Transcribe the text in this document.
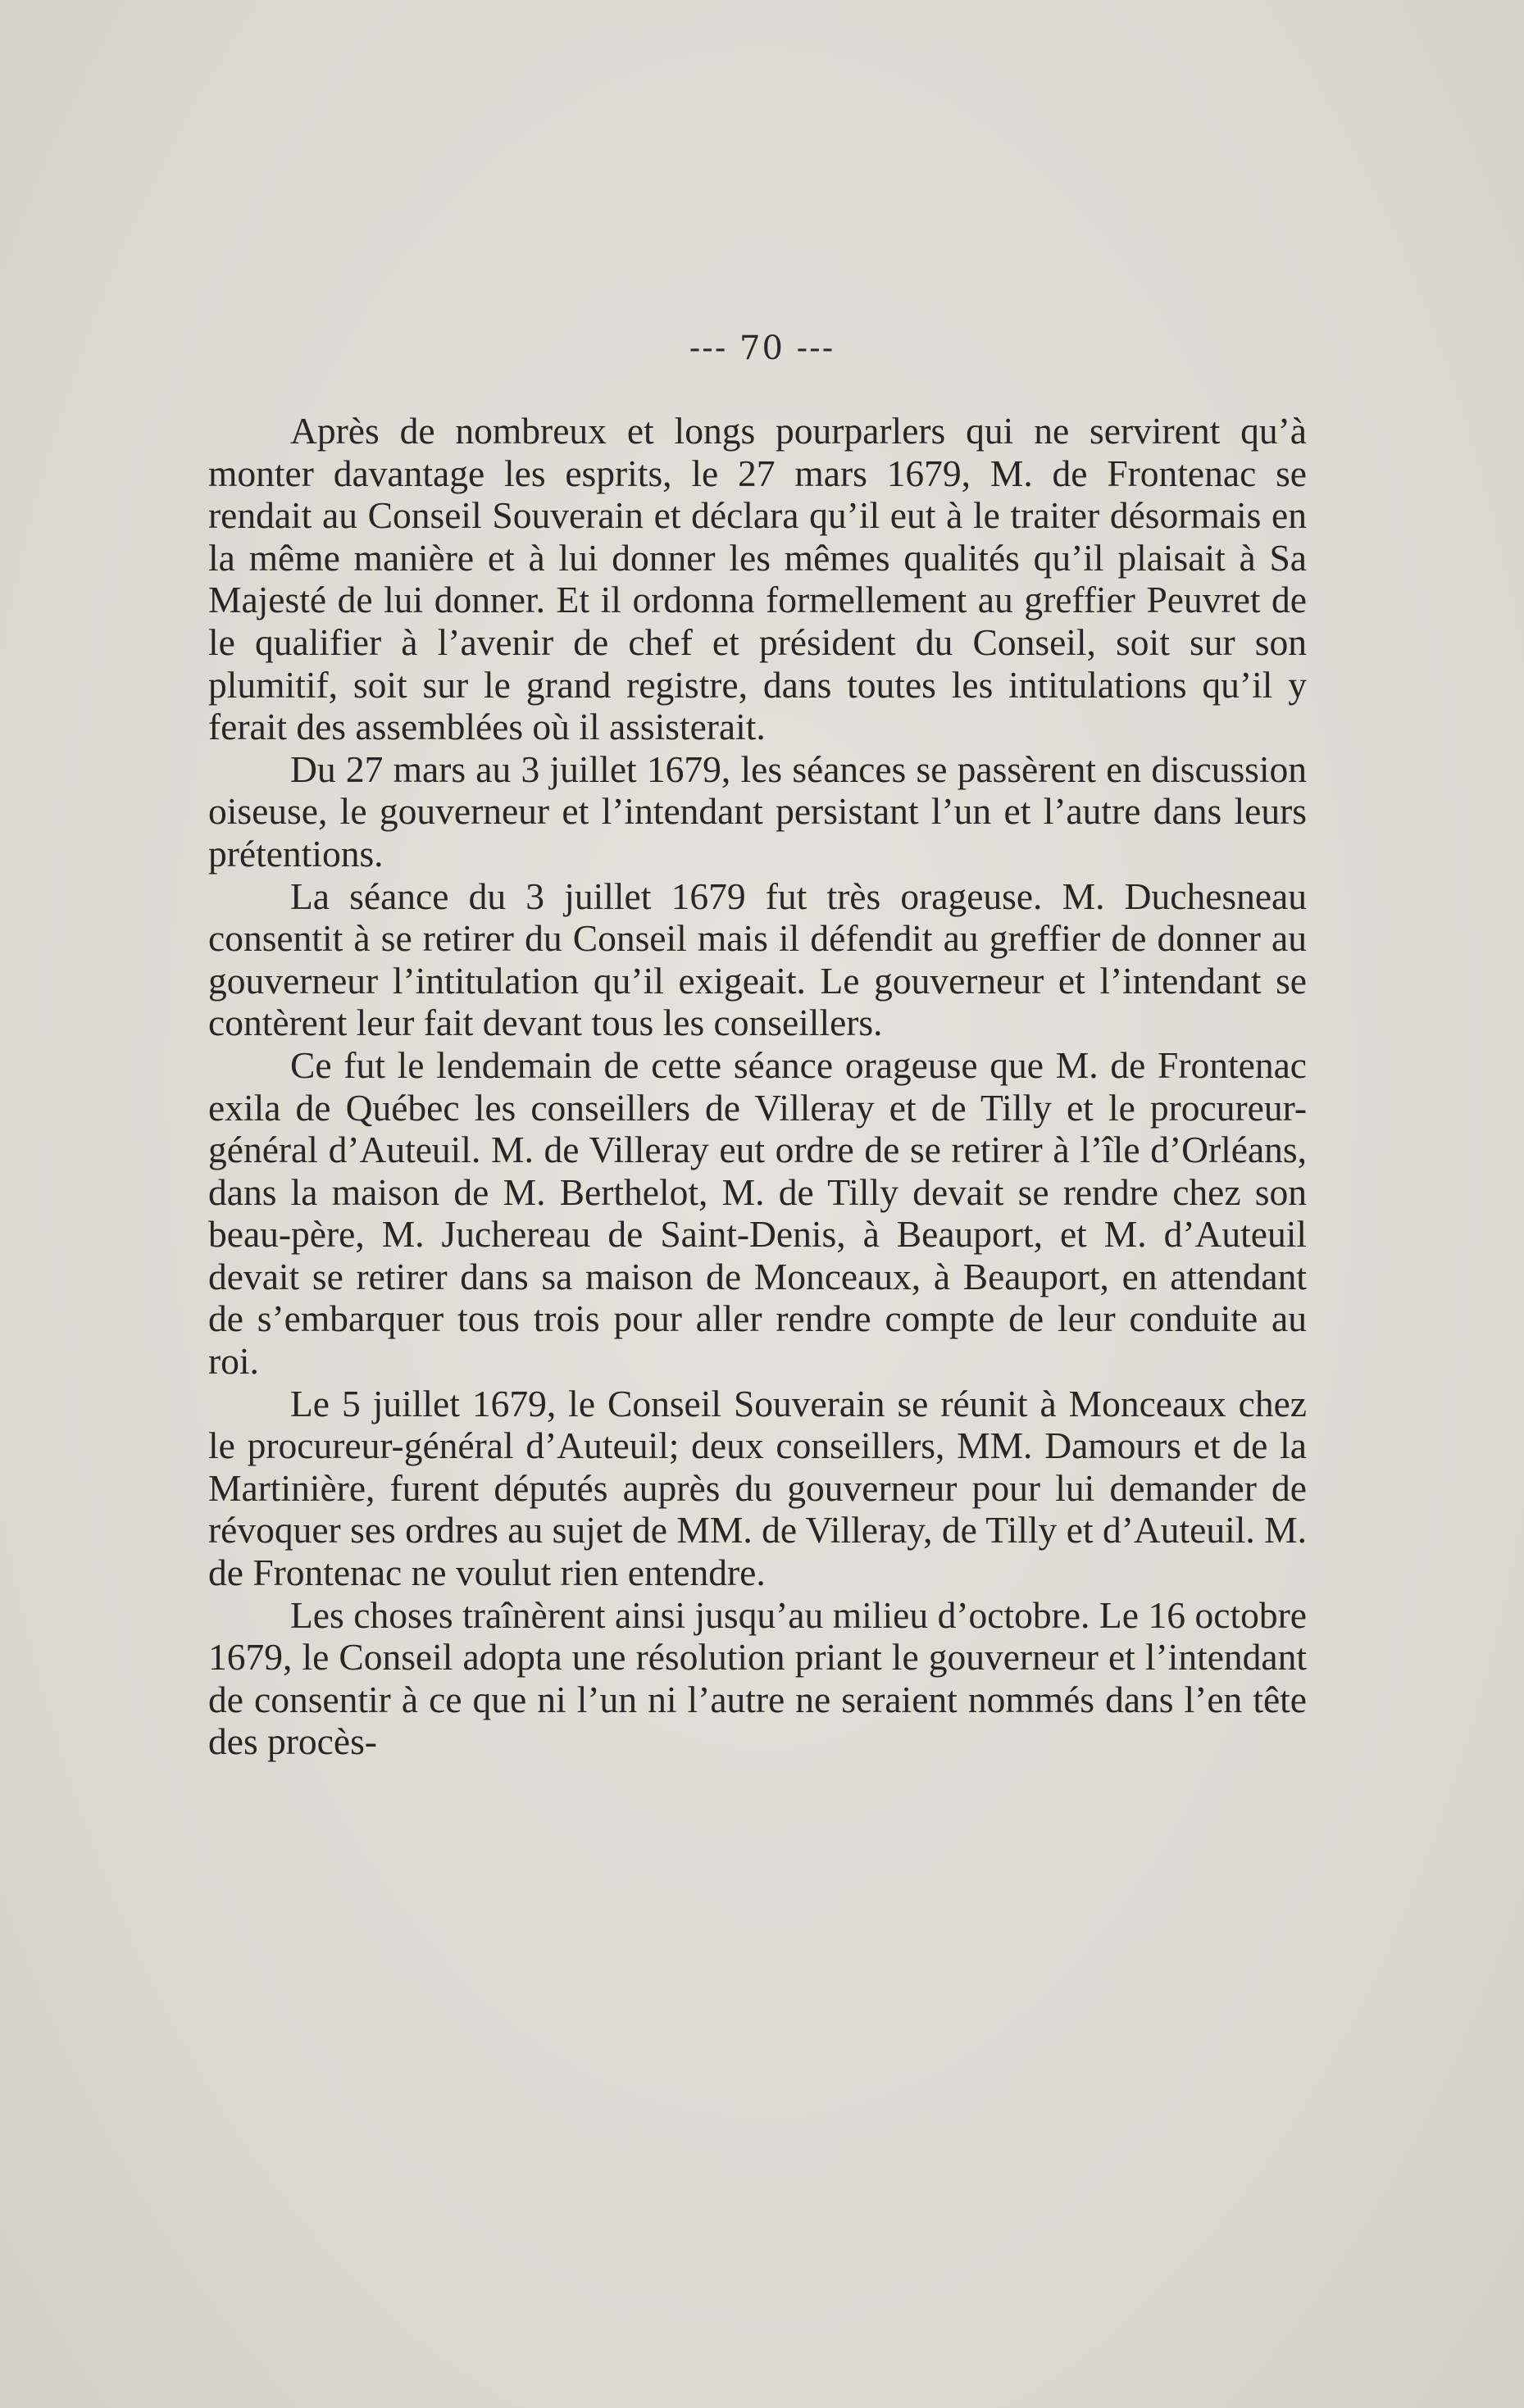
--- 70 ---

Après de nombreux et longs pourparlers qui ne servirent qu’à monter davantage les esprits, le 27 mars 1679, M. de Frontenac se rendait au Conseil Souverain et déclara qu’il eut à le traiter désormais en la même manière et à lui donner les mêmes qualités qu’il plaisait à Sa Majesté de lui donner. Et il ordonna formellement au greffier Peuvret de le qualifier à l’avenir de chef et président du Conseil, soit sur son plumitif, soit sur le grand registre, dans toutes les intitulations qu’il y ferait des assemblées où il assisterait.

Du 27 mars au 3 juillet 1679, les séances se passèrent en discussion oiseuse, le gouverneur et l’intendant persistant l’un et l’autre dans leurs prétentions.

La séance du 3 juillet 1679 fut très orageuse. M. Duchesneau consentit à se retirer du Conseil mais il défendit au greffier de donner au gouverneur l’intitulation qu’il exigeait. Le gouverneur et l’intendant se contèrent leur fait devant tous les conseillers.

Ce fut le lendemain de cette séance orageuse que M. de Frontenac exila de Québec les conseillers de Villeray et de Tilly et le procureur-général d’Auteuil. M. de Villeray eut ordre de se retirer à l’île d’Orléans, dans la maison de M. Berthelot, M. de Tilly devait se rendre chez son beau-père, M. Juchereau de Saint-Denis, à Beauport, et M. d’Auteuil devait se retirer dans sa maison de Monceaux, à Beauport, en attendant de s’embarquer tous trois pour aller rendre compte de leur conduite au roi.

Le 5 juillet 1679, le Conseil Souverain se réunit à Monceaux chez le procureur-général d’Auteuil; deux conseillers, MM. Damours et de la Martinière, furent députés auprès du gouverneur pour lui demander de révoquer ses ordres au sujet de MM. de Villeray, de Tilly et d’Auteuil. M. de Frontenac ne voulut rien entendre.

Les choses traînèrent ainsi jusqu’au milieu d’octobre. Le 16 octobre 1679, le Conseil adopta une résolution priant le gouverneur et l’intendant de consentir à ce que ni l’un ni l’autre ne seraient nommés dans l’en tête des procès-
